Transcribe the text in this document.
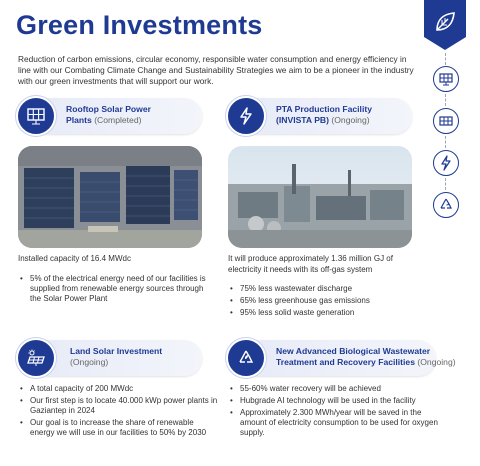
Green Investments
Reduction of carbon emissions, circular economy, responsible water consumption and energy efficiency in line with our Combating Climate Change and Sustainability Strategies we aim to be a pioneer in the industry with our green investments that will support our work.
Rooftop Solar Power
Plants (Completed)
PTA Production Facility
(INVISTA PB) (Ongoing)
Installed capacity of 16.4 MWdc
• 5% of the electrical energy need of our facilities is supplied from renewable energy sources through the Solar Power Plant
It will produce approximately 1.36 million GJ of electricity it needs with its off-gas system
• 75% less wastewater discharge
• 65% less greenhouse gas emissions
• 95% less solid waste generation
Land Solar Investment
(Ongoing)
New Advanced Biological Wastewater
Treatment and Recovery Facilities (Ongoing)
• A total capacity of 200 MWdc
• Our first step is to locate 40.000 kWp power plants in Gaziantep in 2024
• Our goal is to increase the share of renewable energy we will use in our facilities to 50% by 2030
• 55-60% water recovery will be achieved
• Hubgrade AI technology will be used in the facility
• Approximately 2.300 MWh/year will be saved in the amount of electricity consumption to be used for oxygen supply.
